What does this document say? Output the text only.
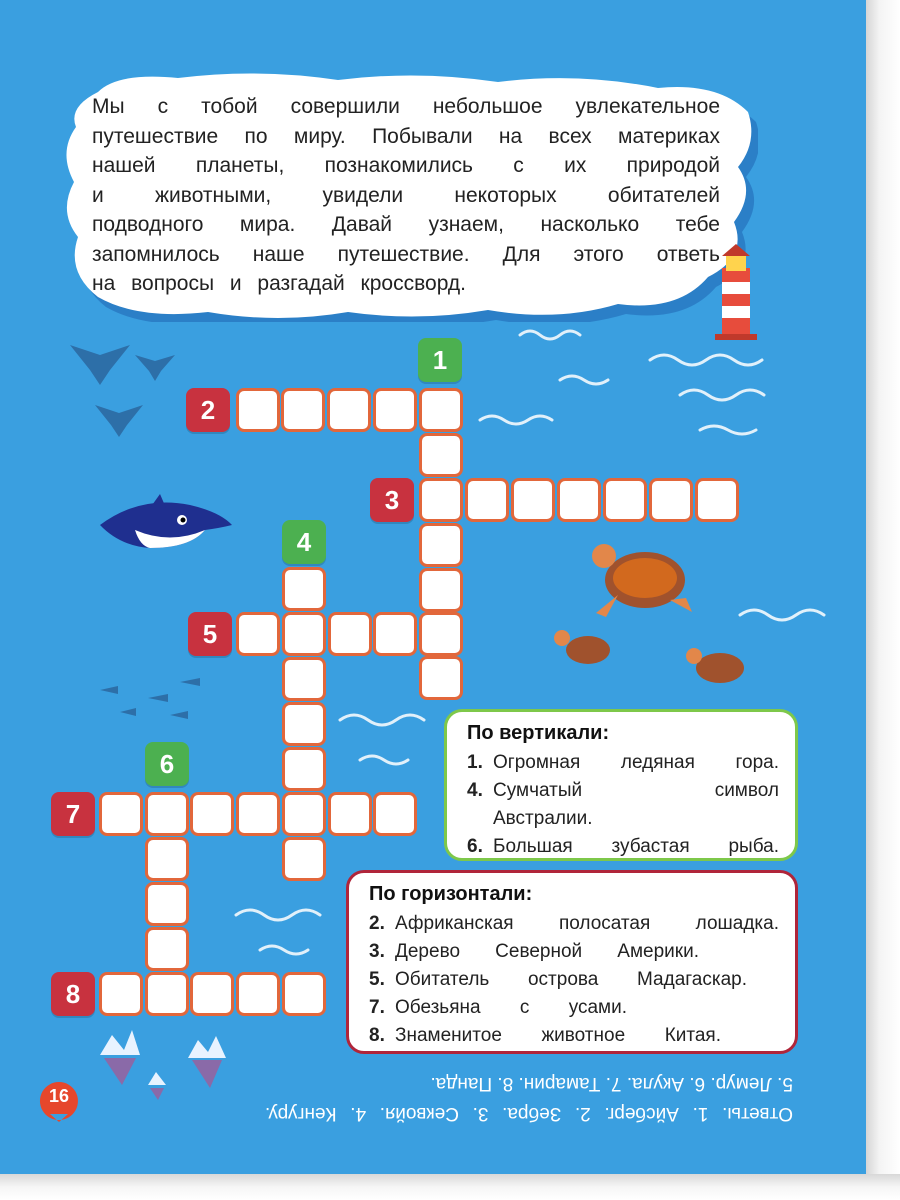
Мы с тобой совершили небольшое увлекательное
путешествие по миру. Побывали на всех материках
нашей планеты, познакомились с их природой
и животными, увидели некоторых обитателей
подводного мира. Давай узнаем, насколько тебе
запомнилось наше путешествие. Для этого ответь
на вопросы и разгадай кроссворд.
1
2
3
4
5
6
7
8
По вертикали:
1. Огромная ледяная гора.
4. Сумчатый символ
Австралии.
6. Большая зубастая рыба.
По горизонтали:
2. Африканская полосатая лошадка.
3. Дерево Северной Америки.
5. Обитатель острова Мадагаскар.
7. Обезьяна с усами.
8. Знаменитое животное Китая.
Ответы. 1. Айсберг. 2. Зебра. 3. Секвойя. 4. Кенгуру.
5. Лемур. 6. Акула. 7. Тамарин. 8. Панда.
16
